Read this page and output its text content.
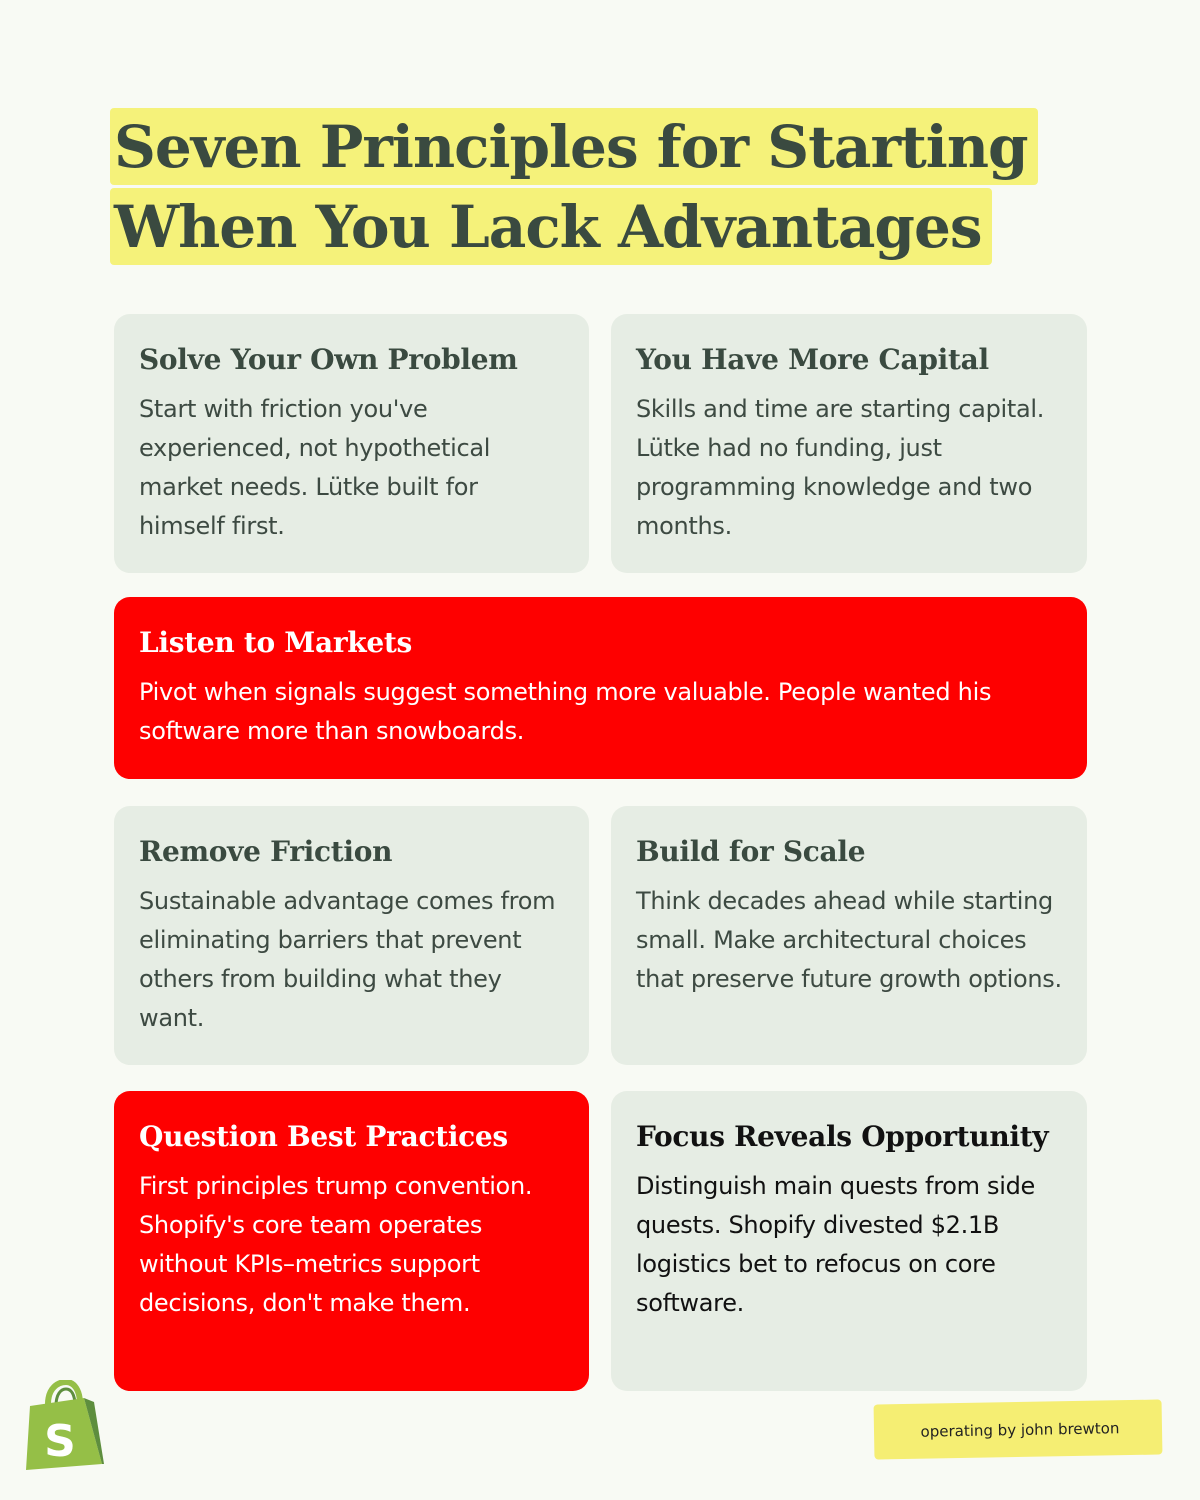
Seven Principles for Starting
When You Lack Advantages
Solve Your Own Problem
Start with friction you've experienced, not hypothetical market needs. Lütke built for himself first.
You Have More Capital
Skills and time are starting capital. Lütke had no funding, just programming knowledge and two months.
Listen to Markets
Pivot when signals suggest something more valuable. People wanted his software more than snowboards.
Remove Friction
Sustainable advantage comes from eliminating barriers that prevent others from building what they want.
Build for Scale
Think decades ahead while starting small. Make architectural choices that preserve future growth options.
Question Best Practices
First principles trump convention. Shopify's core team operates without KPIs–metrics support decisions, don't make them.
Focus Reveals Opportunity
Distinguish main quests from side quests. Shopify divested $2.1B logistics bet to refocus on core software.
S	operating by john brewton
